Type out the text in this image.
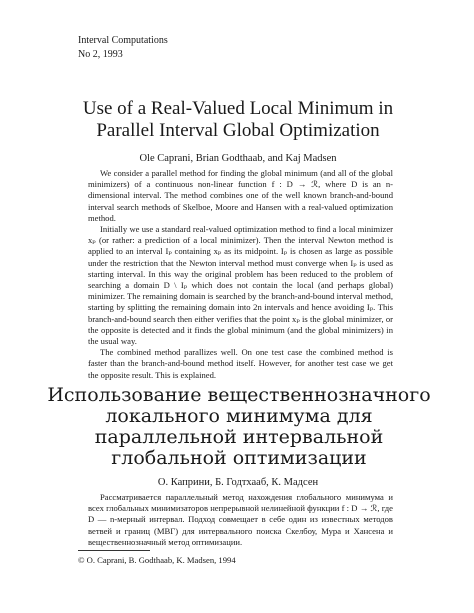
Interval Computations
No 2, 1993
Use of a Real-Valued Local Minimum in Parallel Interval Global Optimization
Ole Caprani, Brian Godthaab, and Kaj Madsen

We consider a parallel method for finding the global minimum (and all of the global minimizers) of a continuous non-linear function f : D → ℛ, where D is an n-dimensional interval. The method combines one of the well known branch-and-bound interval search methods of Skelboe, Moore and Hansen with a real-valued optimization method.

Initially we use a standard real-valued optimization method to find a local minimizer xₚ (or rather: a prediction of a local minimizer). Then the interval Newton method is applied to an interval Iₚ containing xₚ as its midpoint. Iₚ is chosen as large as possible under the restriction that the Newton interval method must converge when Iₚ is used as starting interval. In this way the original problem has been reduced to the problem of searching a domain D \ Iₚ which does not contain the local (and perhaps global) minimizer. The remaining domain is searched by the branch-and-bound interval method, starting by splitting the remaining domain into 2n intervals and hence avoiding Iₚ. This branch-and-bound search then either verifies that the point xₚ is the global minimizer, or the opposite is detected and it finds the global minimum (and the global minimizers) in the usual way.

The combined method parallizes well. On one test case the combined method is faster than the branch-and-bound method itself. However, for another test case we get the opposite result. This is explained.

Использование вещественнозначного локального минимума для параллельной интервальной глобальной оптимизации
О. Каприни, Б. Годтхааб, К. Мадсен

Рассматривается параллельный метод нахождения глобального минимума и всех глобальных минимизаторов непрерывной нелинейной функции f : D → ℛ, где D — n-мерный интервал. Подход совмещает в себе один из известных методов ветвей и границ (МВГ) для интервального поиска Скелбоу, Мура и Хансена и вещественнозначный метод оптимизации.

© O. Caprani, B. Godthaab, K. Madsen, 1994
